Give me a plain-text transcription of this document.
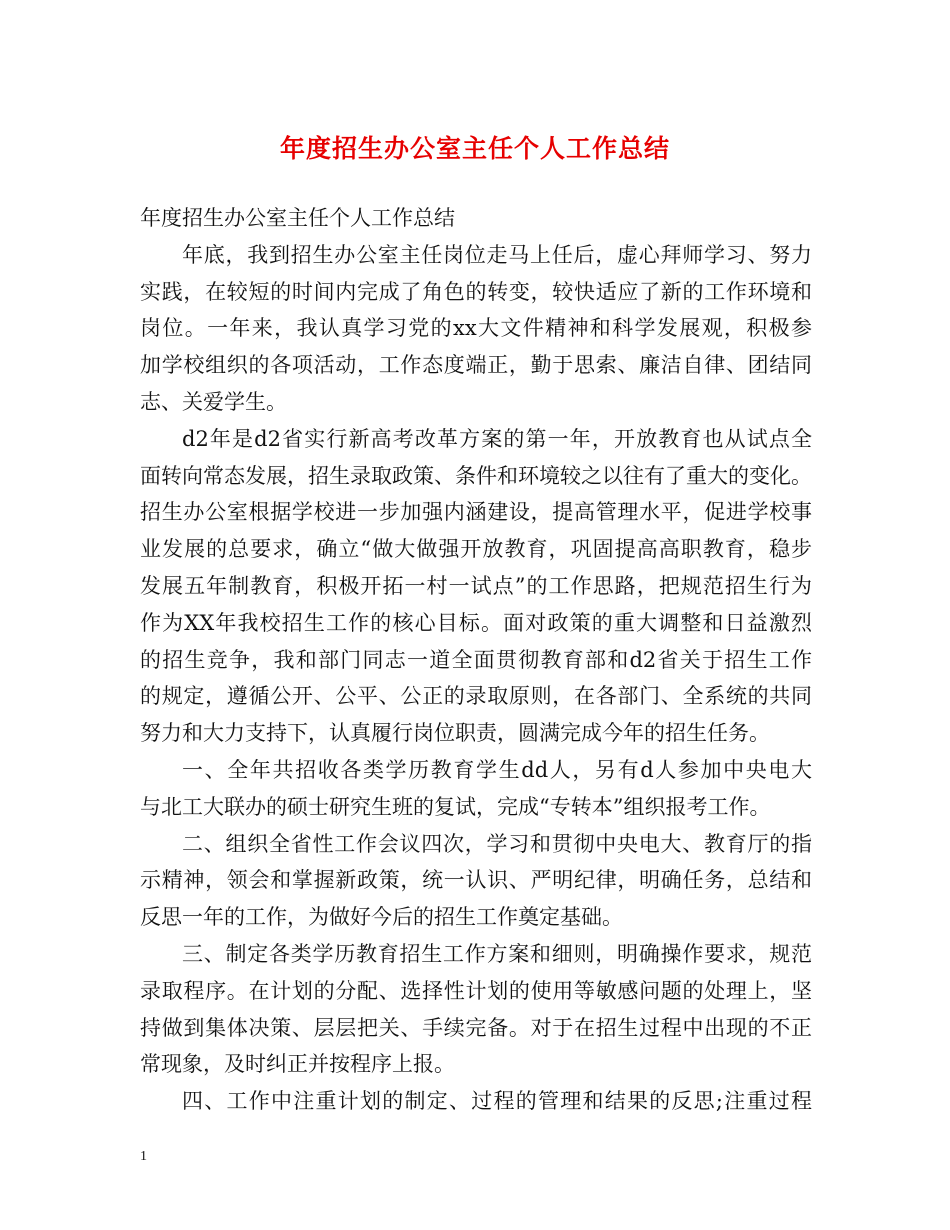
年度招生办公室主任个人工作总结
年度招生办公室主任个人工作总结
年底，我到招生办公室主任岗位走马上任后，虚心拜师学习、努力
实践，在较短的时间内完成了角色的转变，较快适应了新的工作环境和
岗位。一年来，我认真学习党的xx大文件精神和科学发展观，积极参
加学校组织的各项活动，工作态度端正，勤于思索、廉洁自律、团结同
志、关爱学生。
d2年是d2省实行新高考改革方案的第一年，开放教育也从试点全
面转向常态发展，招生录取政策、条件和环境较之以往有了重大的变化。
招生办公室根据学校进一步加强内涵建设，提高管理水平，促进学校事
业发展的总要求，确立“做大做强开放教育，巩固提高高职教育，稳步
发展五年制教育，积极开拓一村一试点”的工作思路，把规范招生行为
作为XX年我校招生工作的核心目标。面对政策的重大调整和日益激烈
的招生竞争，我和部门同志一道全面贯彻教育部和d2省关于招生工作
的规定，遵循公开、公平、公正的录取原则，在各部门、全系统的共同
努力和大力支持下，认真履行岗位职责，圆满完成今年的招生任务。
一、全年共招收各类学历教育学生dd人，另有d人参加中央电大
与北工大联办的硕士研究生班的复试，完成“专转本”组织报考工作。
二、组织全省性工作会议四次，学习和贯彻中央电大、教育厅的指
示精神，领会和掌握新政策，统一认识、严明纪律，明确任务，总结和
反思一年的工作，为做好今后的招生工作奠定基础。
三、制定各类学历教育招生工作方案和细则，明确操作要求，规范
录取程序。在计划的分配、选择性计划的使用等敏感问题的处理上，坚
持做到集体决策、层层把关、手续完备。对于在招生过程中出现的不正
常现象，及时纠正并按程序上报。
四、工作中注重计划的制定、过程的管理和结果的反思;注重过程
1
